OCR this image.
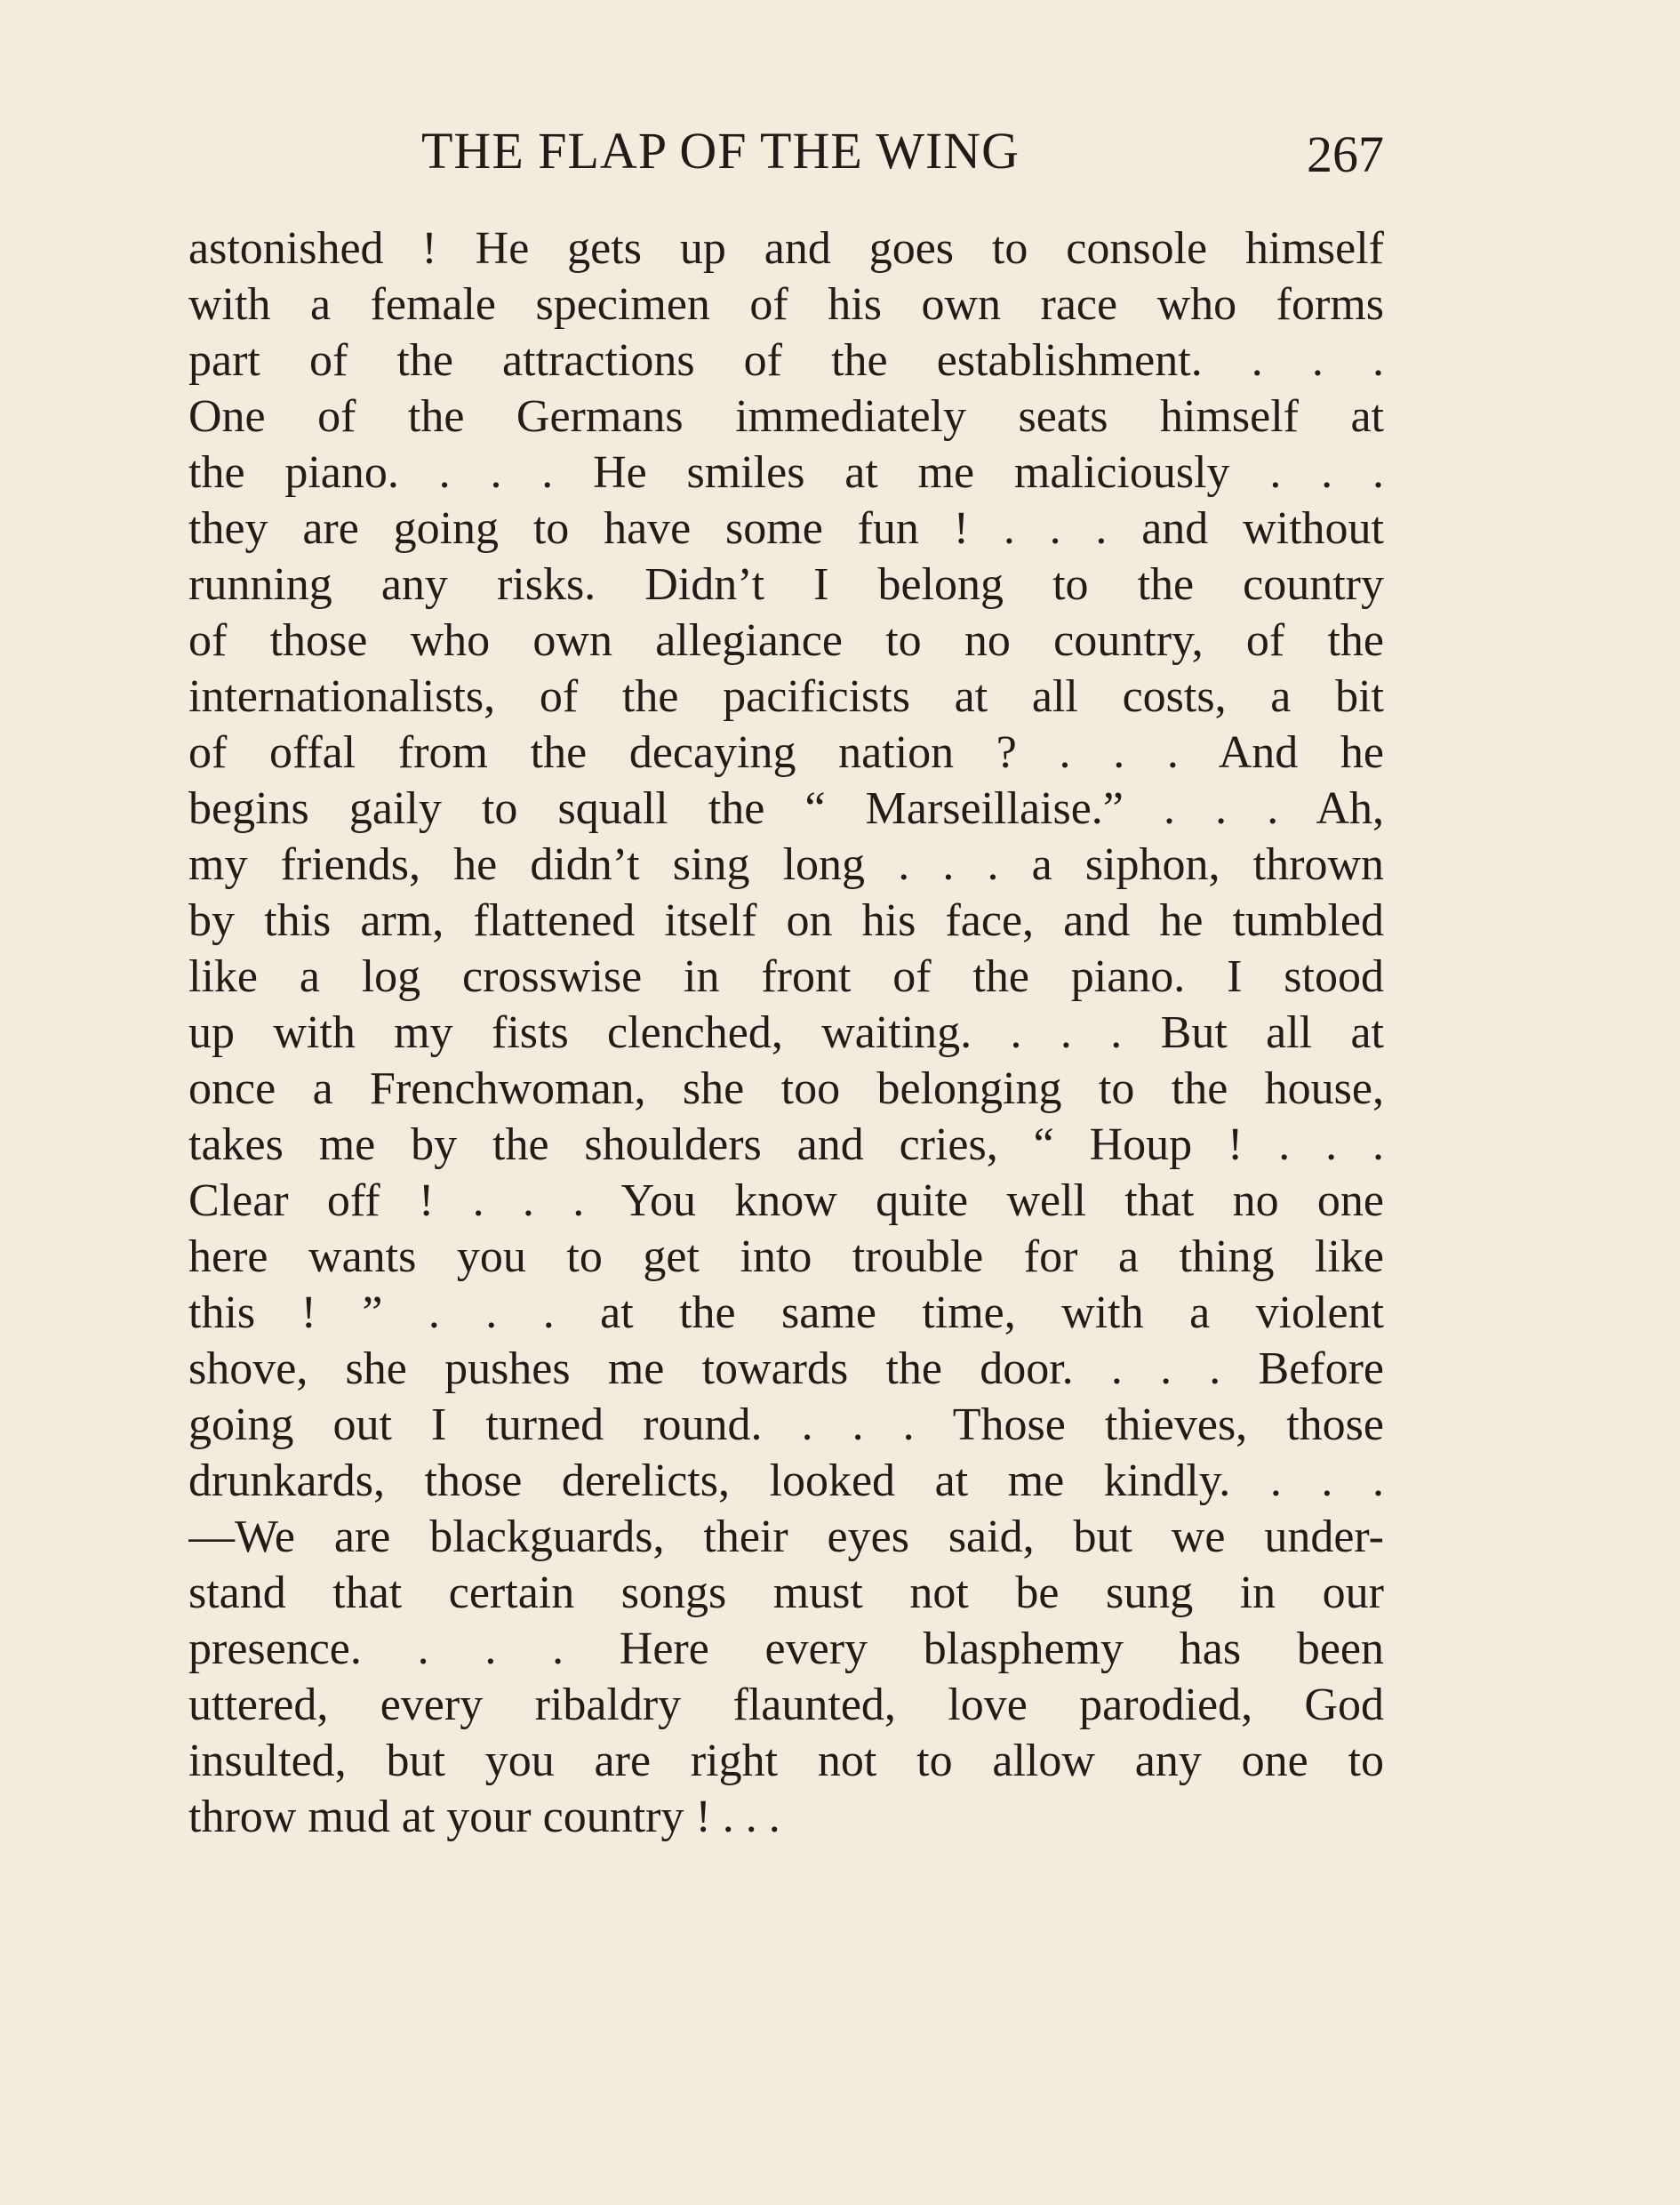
THE FLAP OF THE WING	267
astonished ! He gets up and goes to console himself
with a female specimen of his own race who forms
part of the attractions of the establishment. . . .
One of the Germans immediately seats himself at
the piano. . . . He smiles at me maliciously . . .
they are going to have some fun ! . . . and without
running any risks. Didn’t I belong to the country
of those who own allegiance to no country, of the
internationalists, of the pacificists at all costs, a bit
of offal from the decaying nation ? . . . And he
begins gaily to squall the “ Marseillaise.” . . . Ah,
my friends, he didn’t sing long . . . a siphon, thrown
by this arm, flattened itself on his face, and he tumbled
like a log crosswise in front of the piano. I stood
up with my fists clenched, waiting. . . . But all at
once a Frenchwoman, she too belonging to the house,
takes me by the shoulders and cries, “ Houp ! . . .
Clear off ! . . . You know quite well that no one
here wants you to get into trouble for a thing like
this ! ” . . . at the same time, with a violent
shove, she pushes me towards the door. . . . Before
going out I turned round. . . . Those thieves, those
drunkards, those derelicts, looked at me kindly. . . .
—We are blackguards, their eyes said, but we under-
stand that certain songs must not be sung in our
presence. . . . Here every blasphemy has been
uttered, every ribaldry flaunted, love parodied, God
insulted, but you are right not to allow any one to
throw mud at your country ! . . .
